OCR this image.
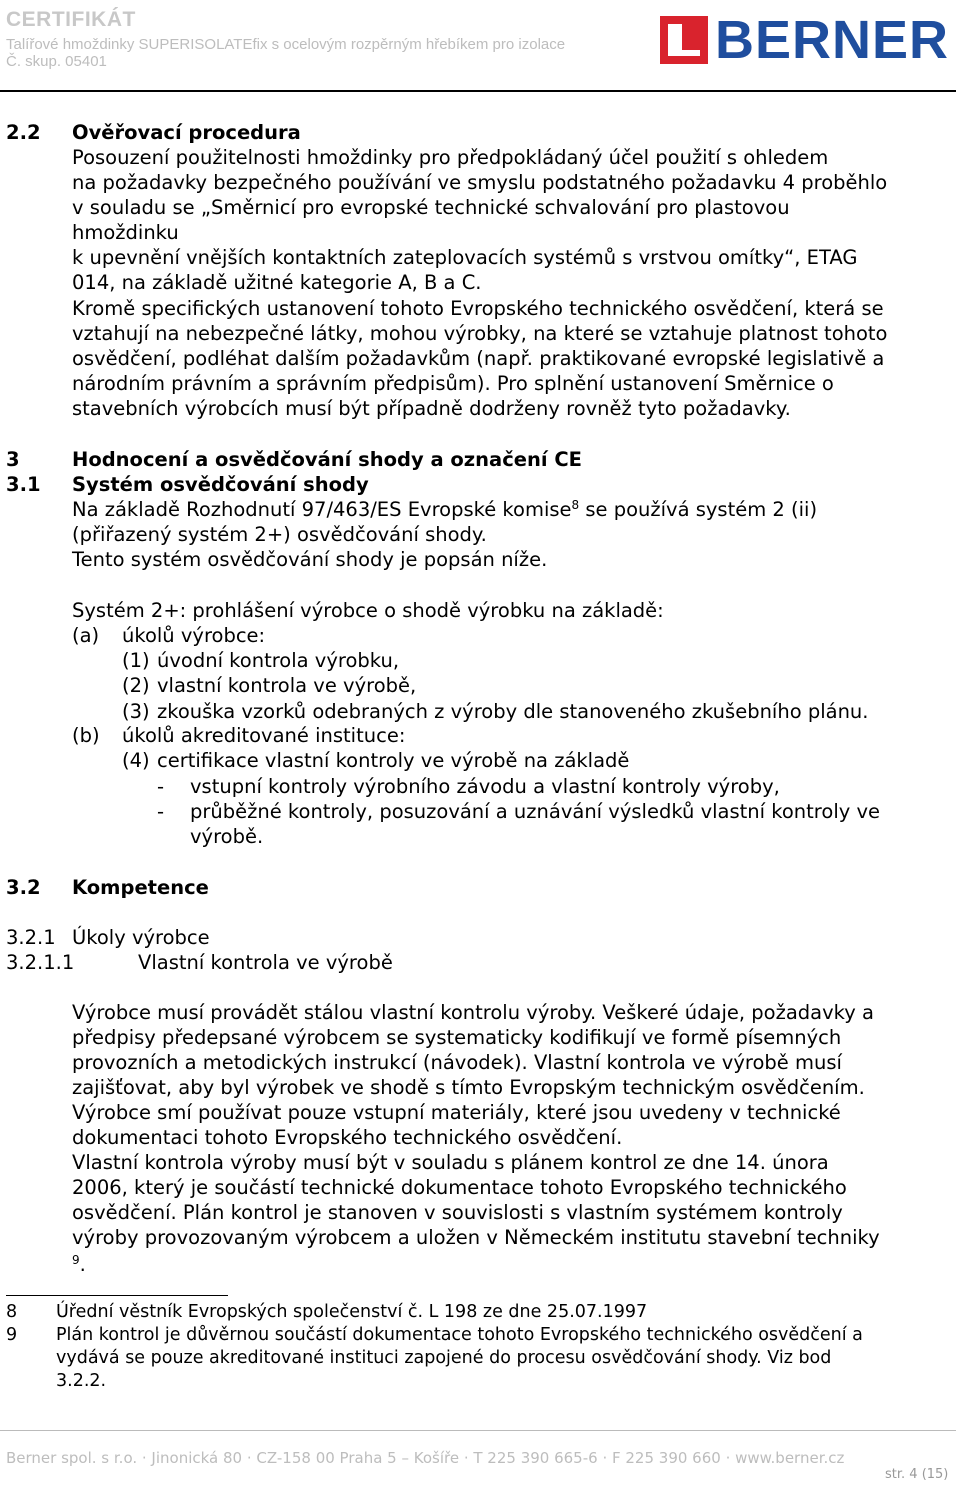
CERTIFIKÁT
Talířové hmoždinky SUPERISOLATEfix s ocelovým rozpěrným hřebíkem pro izolace
Č. skup. 05401	BERNER
2.2 Ověřovací procedura
Posouzení použitelnosti hmoždinky pro předpokládaný účel použití s ohledem
na požadavky bezpečného používání ve smyslu podstatného požadavku 4 proběhlo
v souladu se „Směrnicí pro evropské technické schvalování pro plastovou
hmoždinku
k upevnění vnějších kontaktních zateplovacích systémů s vrstvou omítky“, ETAG
014, na základě užitné kategorie A, B a C.
Kromě specifických ustanovení tohoto Evropského technického osvědčení, která se
vztahují na nebezpečné látky, mohou výrobky, na které se vztahuje platnost tohoto
osvědčení, podléhat dalším požadavkům (např. praktikované evropské legislativě a
národním právním a správním předpisům). Pro splnění ustanovení Směrnice o
stavebních výrobcích musí být případně dodrženy rovněž tyto požadavky.
3	Hodnocení a osvědčování shody a označení CE
3.1 Systém osvědčování shody
Na základě Rozhodnutí 97/463/ES Evropské komise$^8$ se používá systém 2 (ii)
(přiřazený systém 2+) osvědčování shody.
Tento systém osvědčování shody je popsán níže.
Systém 2+: prohlášení výrobce o shodě výrobku na základě:
(a) úkolů výrobce:
(1) úvodní kontrola výrobku,
(2) vlastní kontrola ve výrobě,
(3) zkouška vzorků odebraných z výroby dle stanoveného zkušebního plánu.
(b) úkolů akreditované instituce:
(4) certifikace vlastní kontroly ve výrobě na základě
- vstupní kontroly výrobního závodu a vlastní kontroly výroby,
- průběžné kontroly, posuzování a uznávání výsledků vlastní kontroly ve
výrobě.
3.2 Kompetence
3.2.1 Úkoly výrobce
3.2.1.1	Vlastní kontrola ve výrobě
Výrobce musí provádět stálou vlastní kontrolu výroby. Veškeré údaje, požadavky a
předpisy předepsané výrobcem se systematicky kodifikují ve formě písemných
provozních a metodických instrukcí (návodek). Vlastní kontrola ve výrobě musí
zajišťovat, aby byl výrobek ve shodě s tímto Evropským technickým osvědčením.
Výrobce smí používat pouze vstupní materiály, které jsou uvedeny v technické
dokumentaci tohoto Evropského technického osvědčení.
Vlastní kontrola výroby musí být v souladu s plánem kontrol ze dne 14. února
2006, který je součástí technické dokumentace tohoto Evropského technického
osvědčení. Plán kontrol je stanoven v souvislosti s vlastním systémem kontroly
výroby provozovaným výrobcem a uložen v Německém institutu stavební techniky
$^9$.
8 Úřední věstník Evropských společenství č. L 198 ze dne 25.07.1997
9 Plán kontrol je důvěrnou součástí dokumentace tohoto Evropského technického osvědčení a
vydává se pouze akreditované instituci zapojené do procesu osvědčování shody. Viz bod
3.2.2.
Berner spol. s r.o. · Jinonická 80 · CZ-158 00 Praha 5 – Košíře · T 225 390 665-6 · F 225 390 660 · www.berner.cz
str. 4 (15)
